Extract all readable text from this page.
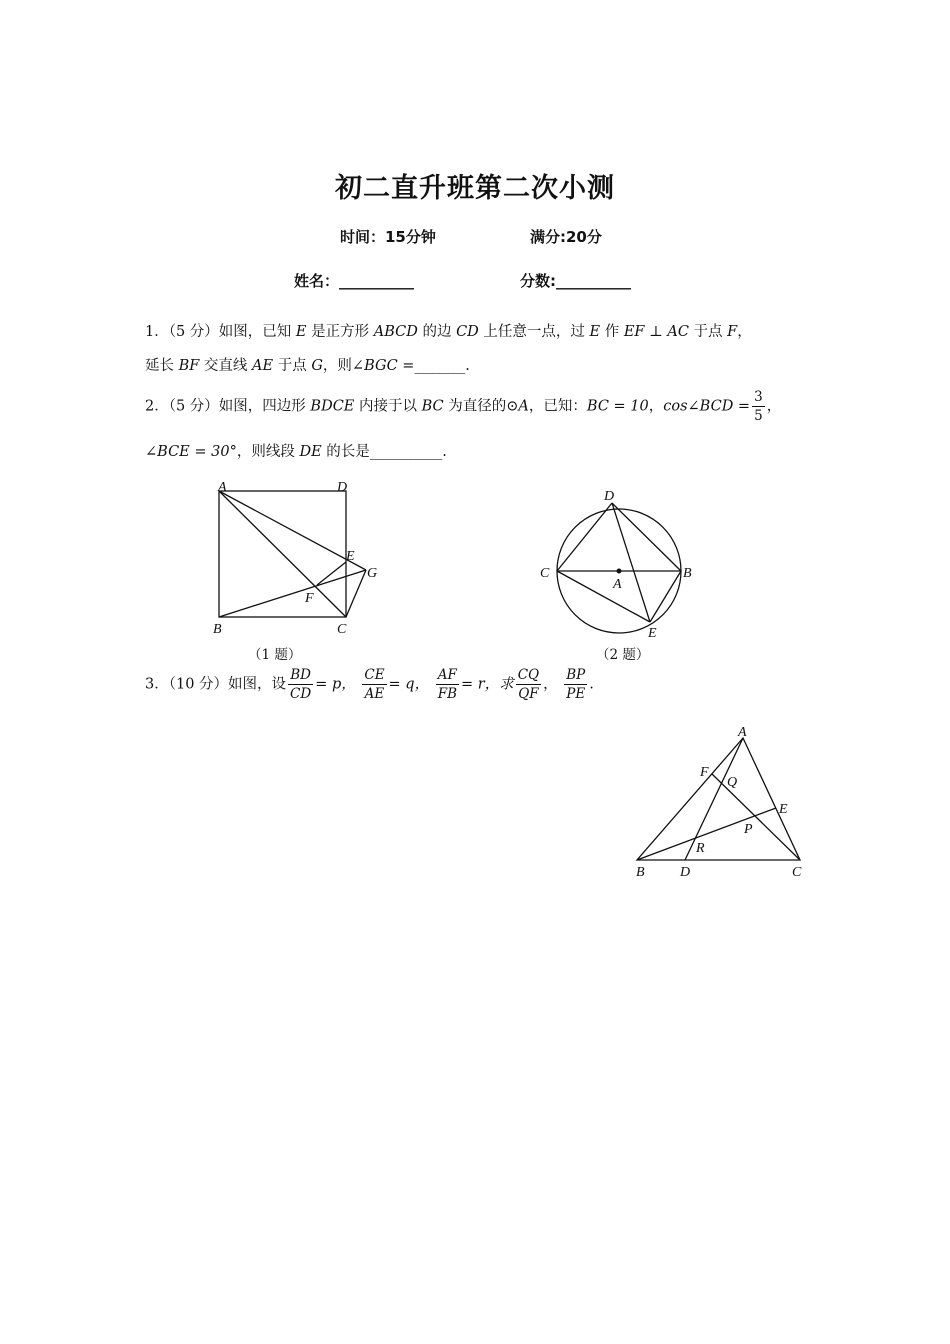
初二直升班第二次小测
时间：15分钟	满分:20分
姓名：__________	分数:__________
1．（5 分）如图，已知 E 是正方形 ABCD 的边 CD 上任意一点，过 E 作 EF ⊥ AC 于点 F，
延长 BF 交直线 AE 于点 G，则∠BGC =_______.
2．（5 分）如图，四边形 BDCE 内接于以 BC 为直径的⊙A，已知：BC = 10，cos∠BCD = $\frac{3}{5}$ ，
∠BCE = 30°，则线段 DE 的长是__________.
A	D
E
G
F
B	C
（1 题）
D
C
A
B
E
（2 题）
3．（10 分）如图，设 $\frac{BD}{CD} = p$， $\frac{CE}{AE} = q$， $\frac{AF}{FB} = r$，求 $\frac{CQ}{QF}$ ， $\frac{BP}{PE}$ .
A
F
Q
E
P
R
B	D	C
